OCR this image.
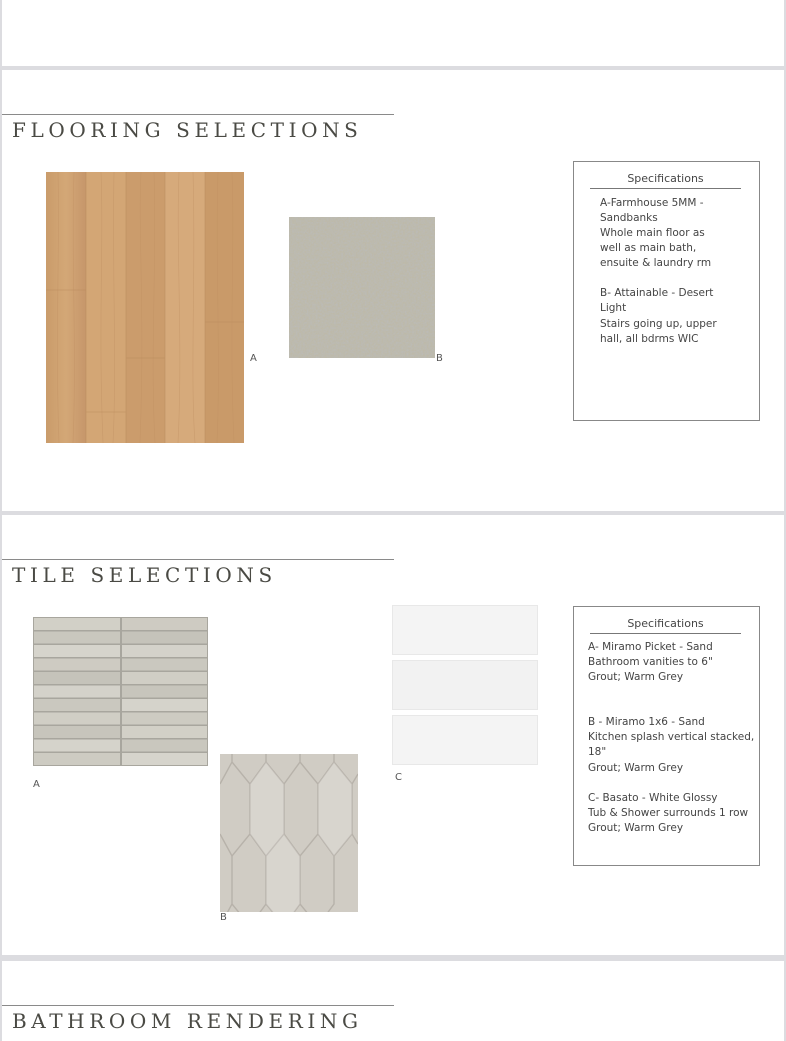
FLOORING SELECTIONS
A	B
Specifications
A-Farmhouse 5MM -
Sandbanks
Whole main floor as
well as main bath,
ensuite & laundry rm
B- Attainable - Desert
Light
Stairs going up, upper
hall, all bdrms WIC
TILE SELECTIONS
A
B
C
Specifications
A- Miramo Picket - Sand
Bathroom vanities to 6"
Grout; Warm Grey
B - Miramo 1x6 - Sand
Kitchen splash vertical stacked,
18"
Grout; Warm Grey
C- Basato - White Glossy
Tub & Shower surrounds 1 row
Grout; Warm Grey
BATHROOM RENDERING
